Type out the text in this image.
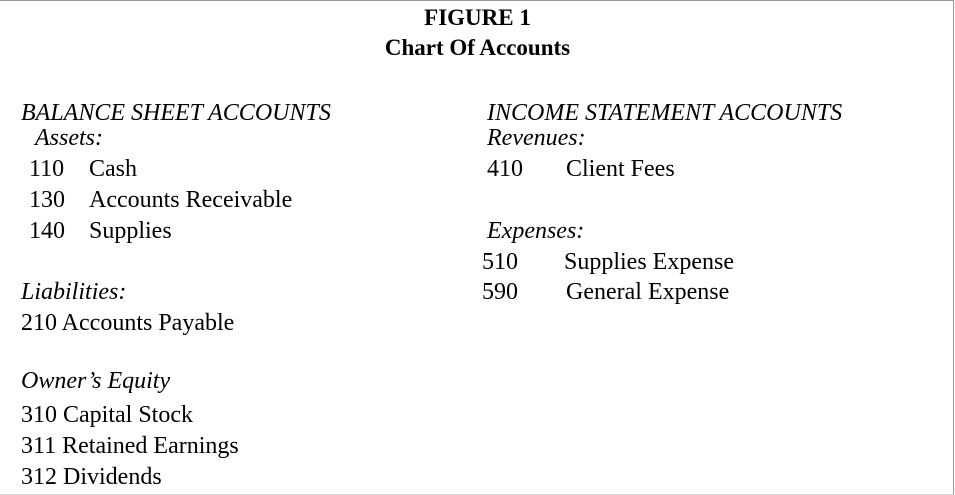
FIGURE 1
Chart Of Accounts
BALANCE SHEET ACCOUNTS
Assets:
110 Cash
130 Accounts Receivable
140 Supplies
Liabilities:
210 Accounts Payable
Owner’s Equity
310 Capital Stock
311 Retained Earnings
312 Dividends
INCOME STATEMENT ACCOUNTS
Revenues:
410 Client Fees
Expenses:
510 Supplies Expense
590 General Expense
